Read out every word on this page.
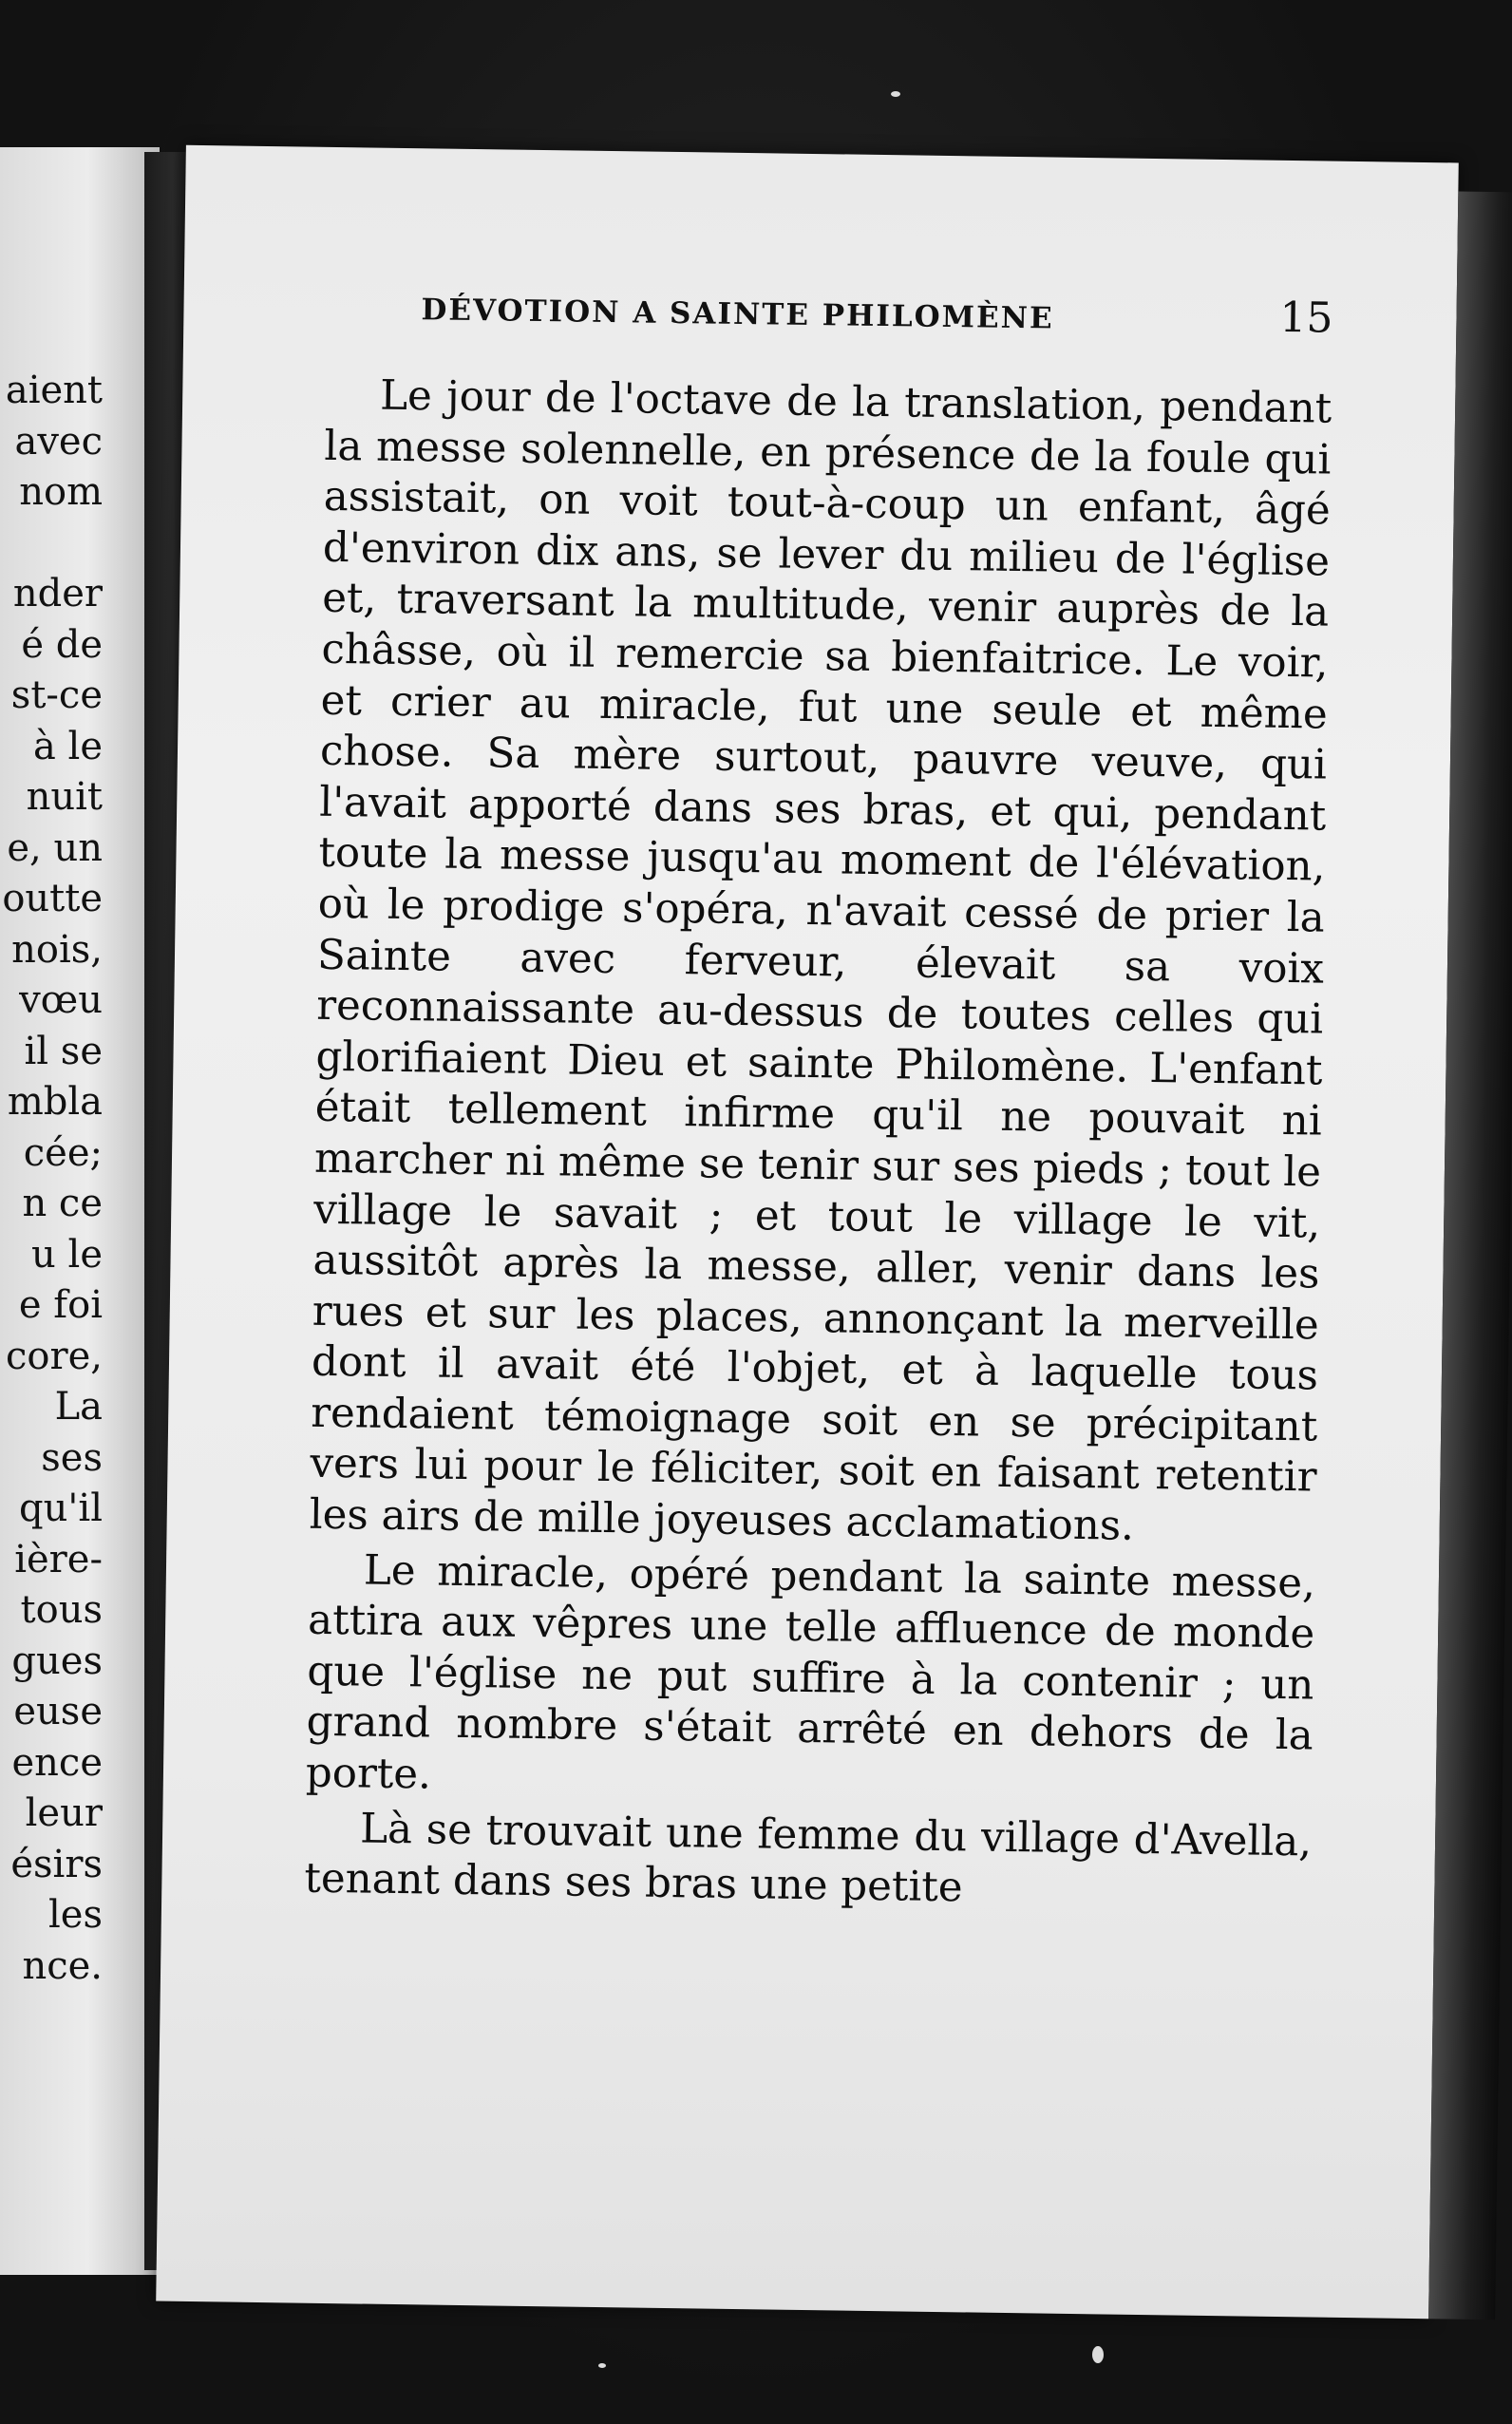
aient
avec
nom

nder
é de
st-ce
à le
nuit
e, un
outte
nois,
vœu
il se
mbla
cée;
n ce
u le
e foi
core,
La
ses
qu'il
ière-
tous
gues
euse
ence
leur
ésirs
les
nce.
DÉVOTION A SAINTE PHILOMÈNE	15

Le jour de l'octave de la translation, pendant la messe solennelle, en présence de la foule qui assistait, on voit tout-à-coup un enfant, âgé d'environ dix ans, se lever du milieu de l'église et, traversant la multitude, venir auprès de la châsse, où il remercie sa bienfaitrice. Le voir, et crier au miracle, fut une seule et même chose. Sa mère surtout, pauvre veuve, qui l'avait apporté dans ses bras, et qui, pendant toute la messe jusqu'au moment de l'élévation, où le prodige s'opéra, n'avait cessé de prier la Sainte avec ferveur, élevait sa voix reconnaissante au-dessus de toutes celles qui glorifiaient Dieu et sainte Philomène. L'enfant était tellement infirme qu'il ne pouvait ni marcher ni même se tenir sur ses pieds ; tout le village le savait ; et tout le village le vit, aussitôt après la messe, aller, venir dans les rues et sur les places, annonçant la merveille dont il avait été l'objet, et à laquelle tous rendaient témoignage soit en se précipitant vers lui pour le féliciter, soit en faisant retentir les airs de mille joyeuses acclamations.

Le miracle, opéré pendant la sainte messe, attira aux vêpres une telle affluence de monde que l'église ne put suffire à la contenir ; un grand nombre s'était arrêté en dehors de la porte.

Là se trouvait une femme du village d'Avella, tenant dans ses bras une petite
